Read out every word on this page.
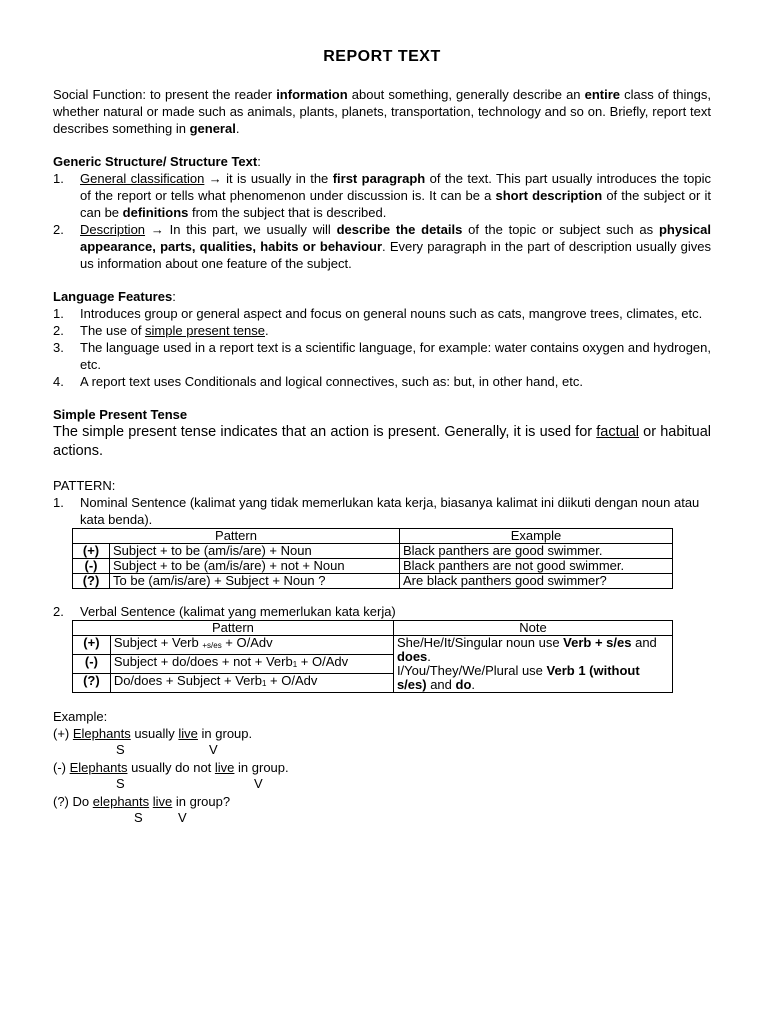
REPORT TEXT

Social Function: to present the reader information about something, generally describe an entire class of things, whether natural or made such as animals, plants, planets, transportation, technology and so on. Briefly, report text describes something in general.

Generic Structure/ Structure Text:
1. General classification → it is usually in the first paragraph of the text. This part usually introduces the topic of the report or tells what phenomenon under discussion is. It can be a short description of the subject or it can be definitions from the subject that is described.
2. Description → In this part, we usually will describe the details of the topic or subject such as physical appearance, parts, qualities, habits or behaviour. Every paragraph in the part of description usually gives us information about one feature of the subject.
Language Features:
1. Introduces group or general aspect and focus on general nouns such as cats, mangrove trees, climates, etc.
2. The use of simple present tense.
3. The language used in a report text is a scientific language, for example: water contains oxygen and hydrogen, etc.
4. A report text uses Conditionals and logical connectives, such as: but, in other hand, etc.
Simple Present Tense

The simple present tense indicates that an action is present. Generally, it is used for factual or habitual actions.

PATTERN:

1. Nominal Sentence (kalimat yang tidak memerlukan kata kerja, biasanya kalimat ini diikuti dengan noun atau kata benda).
Pattern		Example
(+)	Subject + to be (am/is/are) + Noun	Black panthers are good swimmer.
(-)	Subject + to be (am/is/are) + not + Noun	Black panthers are not good swimmer.
(?)	To be (am/is/are) + Subject + Noun ?	Are black panthers good swimmer?
2. Verbal Sentence (kalimat yang memerlukan kata kerja)
Pattern		Note
(+)	Subject + Verb $_{+s/es}$ + O/Adv	She/He/It/Singular noun use Verb + s/es and does.
I/You/They/We/Plural use Verb 1 (without s/es) and do.
(-)	Subject + do/does + not + Verb$_1$ + O/Adv	
(?)	Do/does + Subject + Verb$_1$ + O/Adv	

Example:

(+) Elephants usually live in group.

S	V

(-) Elephants usually do not live in group.

S	V

(?) Do elephants live in group?

S	V
